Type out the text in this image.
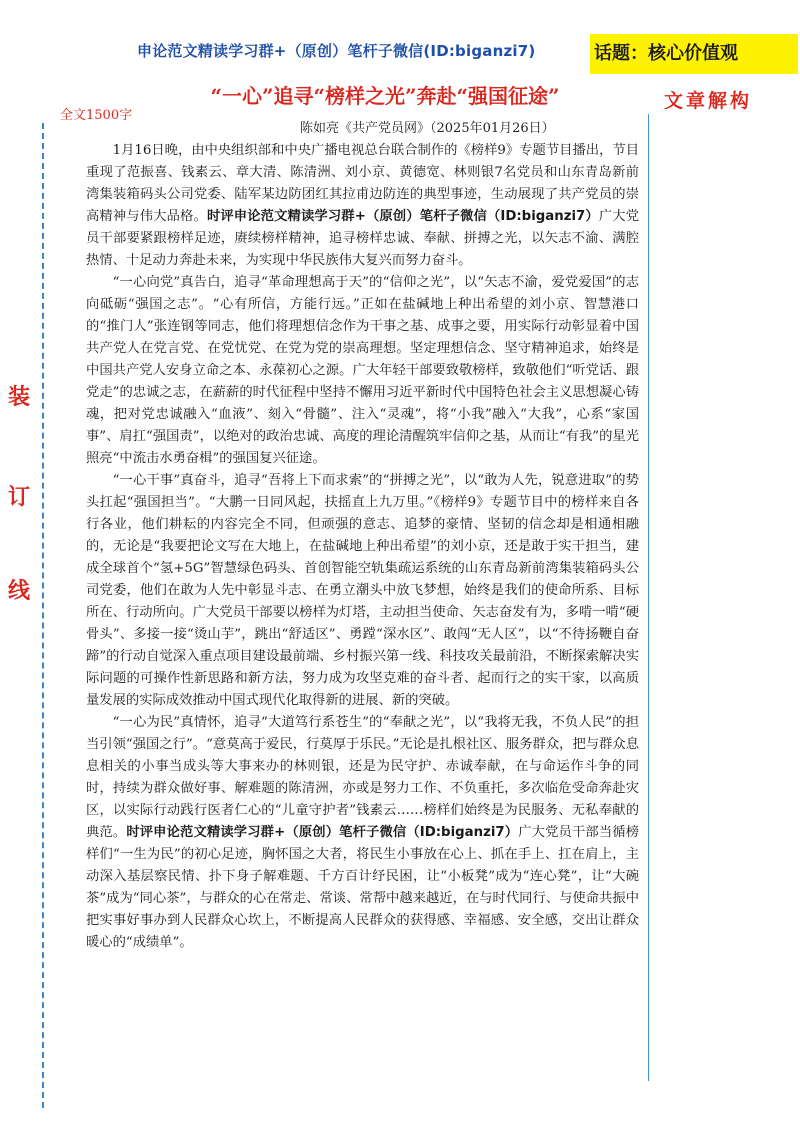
申论范文精读学习群+（原创）笔杆子微信(ID:biganzi7)	话题：核心价值观
“一心”追寻“榜样之光”奔赴“强国征途”	文章解构
全文1500字
装
订
线
陈如亮《共产党员网》（2025年01月26日）

1月16日晚，由中央组织部和中央广播电视总台联合制作的《榜样9》专题节目播出，节目重现了范振喜、钱素云、章大清、陈清洲、刘小京、黄德宽、林则银7名党员和山东青岛新前湾集装箱码头公司党委、陆军某边防团红其拉甫边防连的典型事迹，生动展现了共产党员的崇高精神与伟大品格。时评申论范文精读学习群+（原创）笔杆子微信（ID:biganzi7）广大党员干部要紧跟榜样足迹，赓续榜样精神，追寻榜样忠诚、奉献、拼搏之光，以矢志不渝、满腔热情、十足动力奔赴未来，为实现中华民族伟大复兴而努力奋斗。

“一心向党”真告白，追寻“革命理想高于天”的“信仰之光”，以“矢志不渝，爱党爱国”的志向砥砺“强国之志”。“心有所信，方能行远。”正如在盐碱地上种出希望的刘小京、智慧港口的“推门人”张连钢等同志，他们将理想信念作为干事之基、成事之要，用实际行动彰显着中国共产党人在党言党、在党忧党、在党为党的崇高理想。坚定理想信念、坚守精神追求，始终是中国共产党人安身立命之本、永葆初心之源。广大年轻干部要致敬榜样，致敬他们“听党话、跟党走”的忠诚之志，在薪薪的时代征程中坚持不懈用习近平新时代中国特色社会主义思想凝心铸魂，把对党忠诚融入“血液”、刻入“骨髓”、注入“灵魂”，将“小我”融入“大我”，心系“家国事”、肩扛“强国责”，以绝对的政治忠诚、高度的理论清醒筑牢信仰之基，从而让“有我”的星光照亮“中流击水勇奋楫”的强国复兴征途。

“一心干事”真奋斗，追寻“吾将上下而求索”的“拼搏之光”，以“敢为人先，锐意进取”的势头扛起“强国担当”。“大鹏一日同风起，扶摇直上九万里。”《榜样9》专题节目中的榜样来自各行各业，他们耕耘的内容完全不同，但顽强的意志、追梦的豪情、坚韧的信念却是相通相融的，无论是“我要把论文写在大地上，在盐碱地上种出希望”的刘小京，还是敢于实干担当，建成全球首个“氢+5G”智慧绿色码头、首创智能空轨集疏运系统的山东青岛新前湾集装箱码头公司党委，他们在敢为人先中彰显斗志、在勇立潮头中放飞梦想，始终是我们的使命所系、目标所在、行动所向。广大党员干部要以榜样为灯塔，主动担当使命、矢志奋发有为，多啃一啃“硬骨头”、多接一接“烫山芋”，跳出“舒适区”、勇蹚“深水区”、敢闯“无人区”，以“不待扬鞭自奋蹄”的行动自觉深入重点项目建设最前端、乡村振兴第一线、科技攻关最前沿，不断探索解决实际问题的可操作性新思路和新方法，努力成为攻坚克难的奋斗者、起而行之的实干家，以高质量发展的实际成效推动中国式现代化取得新的进展、新的突破。

“一心为民”真情怀，追寻“大道笃行系苍生”的“奉献之光”，以“我将无我，不负人民”的担当引领“强国之行”。“意莫高于爱民，行莫厚于乐民。”无论是扎根社区、服务群众，把与群众息息相关的小事当成头等大事来办的林则银，还是为民守护、赤诚奉献，在与命运作斗争的同时，持续为群众做好事、解难题的陈清洲，亦或是努力工作、不负重托，多次临危受命奔赴灾区，以实际行动践行医者仁心的“儿童守护者”钱素云……榜样们始终是为民服务、无私奉献的典范。时评申论范文精读学习群+（原创）笔杆子微信（ID:biganzi7）广大党员干部当循榜样们“一生为民”的初心足迹，胸怀国之大者，将民生小事放在心上、抓在手上、扛在肩上，主动深入基层察民情、扑下身子解难题、千方百计纾民困，让“小板凳”成为“连心凳”，让“大碗茶”成为“同心茶”，与群众的心在常走、常谈、常帮中越来越近，在与时代同行、与使命共振中把实事好事办到人民群众心坎上，不断提高人民群众的获得感、幸福感、安全感，交出让群众暖心的“成绩单”。
